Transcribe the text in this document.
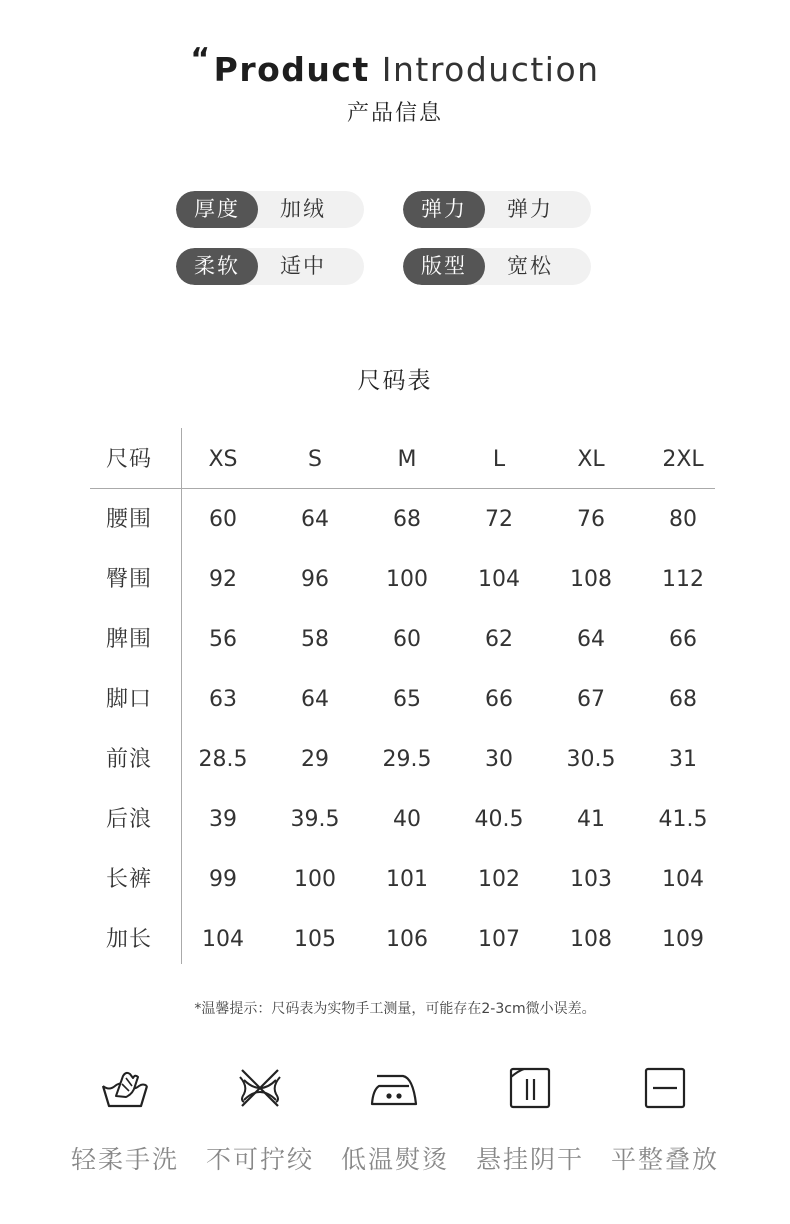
“Product Introduction
产品信息
厚度	加绒	弹力	弹力
柔软	适中	版型	宽松
尺码表
尺码	XS	S	M	L	XL	2XL
腰围	60	64	68	72	76	80
臀围	92	96	100	104	108	112
脾围	56	58	60	62	64	66
脚口	63	64	65	66	67	68
前浪	28.5	29	29.5	30	30.5	31
后浪	39	39.5	40	40.5	41	41.5
长裤	99	100	101	102	103	104
加长	104	105	106	107	108	109
*温馨提示：尺码表为实物手工测量，可能存在2-3cm微小误差。
轻柔手洗	不可拧绞	低温熨烫	悬挂阴干	平整叠放
